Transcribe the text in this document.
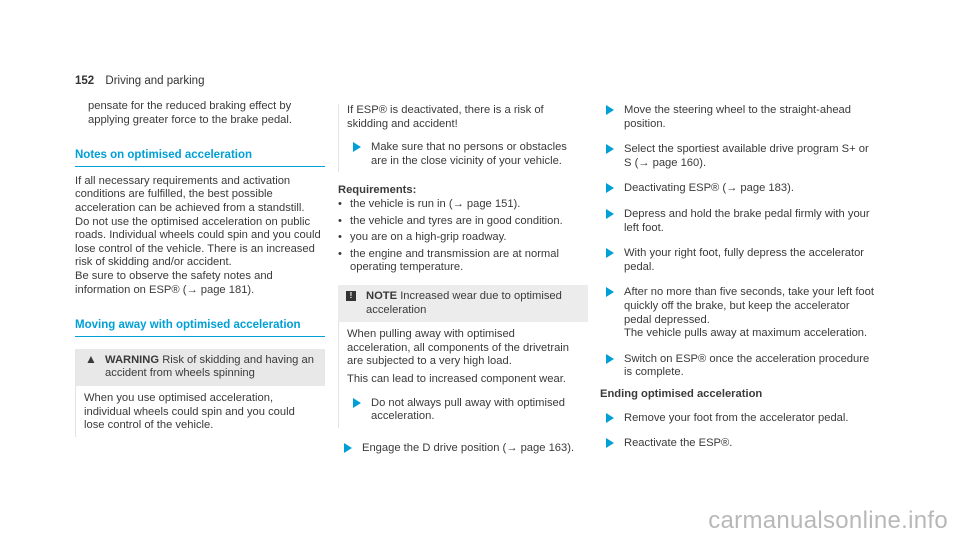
152 Driving and parking

pensate for the reduced braking effect by applying greater force to the brake pedal.

Notes on optimised acceleration

If all necessary requirements and activation conditions are fulfilled, the best possible acceleration can be achieved from a standstill.

Do not use the optimised acceleration on public roads. Individual wheels could spin and you could lose control of the vehicle. There is an increased risk of skidding and/or accident.

Be sure to observe the safety notes and information on ESP® (→ page 181).

Moving away with optimised acceleration
▲ WARNING Risk of skidding and having an accident from wheels spinning
When you use optimised acceleration, individual wheels could spin and you could lose control of the vehicle.

If ESP® is deactivated, there is a risk of skidding and accident!

Make sure that no persons or obstacles are in the close vicinity of your vehicle.
Requirements:
• the vehicle is run in (→ page 151).
• the vehicle and tyres are in good condition.
• you are on a high-grip roadway.
• the engine and transmission are at normal operating temperature.
!	NOTE Increased wear due to optimised acceleration

When pulling away with optimised acceleration, all components of the drivetrain are subjected to a very high load.

This can lead to increased component wear.

Do not always pull away with optimised acceleration.
Engage the D drive position (→ page 163).
Move the steering wheel to the straight-ahead position.
Select the sportiest available drive program S+ or S (→ page 160).
Deactivating ESP® (→ page 183).
Depress and hold the brake pedal firmly with your left foot.
With your right foot, fully depress the accelerator pedal.
After no more than five seconds, take your left foot quickly off the brake, but keep the accelerator pedal depressed.

The vehicle pulls away at maximum acceleration.

Switch on ESP® once the acceleration procedure is complete.
Ending optimised acceleration
Remove your foot from the accelerator pedal.
Reactivate the ESP®.
carmanualsonline.info
